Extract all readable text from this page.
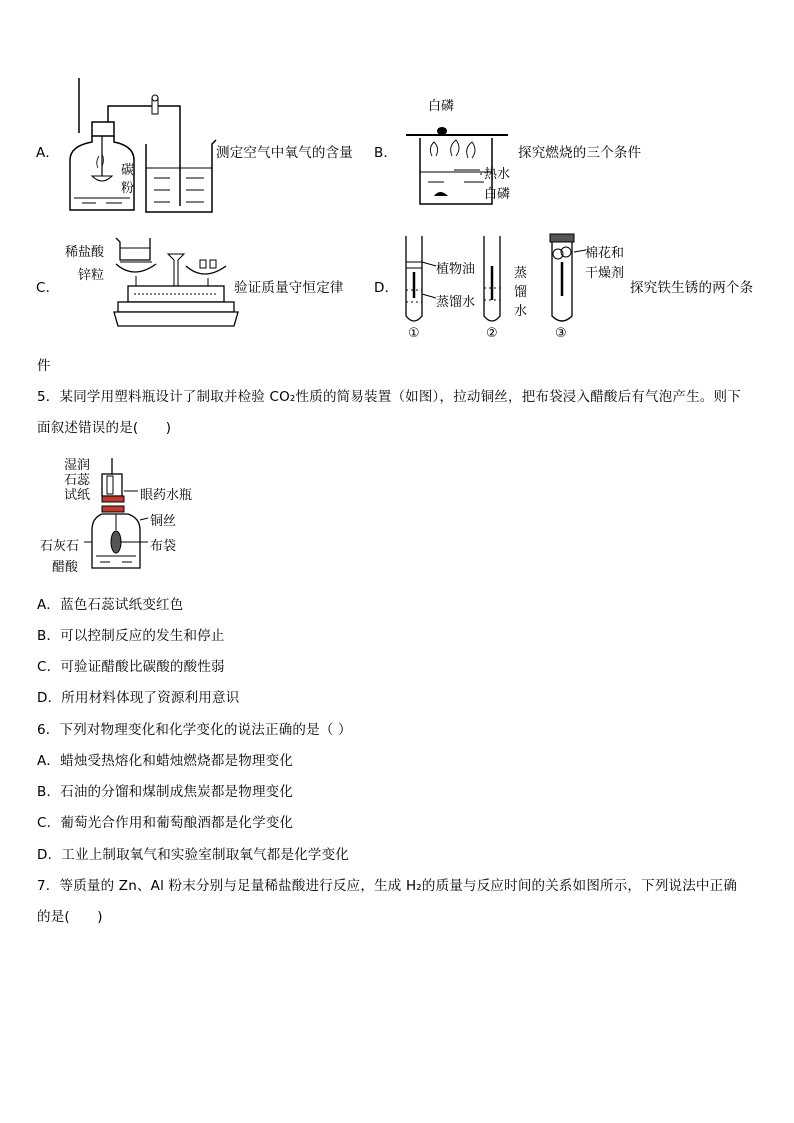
A．
碳
粉
测定空气中氧气的含量 B．
白磷
热水
白磷
探究燃烧的三个条件
C．
稀盐酸
锌粒
验证质量守恒定律 D．
植物油
蒸馏水
蒸
馏
水
棉花和
干燥剂
①	②	③
探究铁生锈的两个条
件
5．某同学用塑料瓶设计了制取并检验 CO₂性质的简易装置（如图），拉动铜丝，把布袋浸入醋酸后有气泡产生。则下
面叙述错误的是(　　)
湿润
石蕊
试纸	眼药水瓶
铜丝
石灰石	布袋
醋酸
A．蓝色石蕊试纸变红色
B．可以控制反应的发生和停止
C．可验证醋酸比碳酸的酸性弱
D．所用材料体现了资源利用意识
6．下列对物理变化和化学变化的说法正确的是（ ）
A．蜡烛受热熔化和蜡烛燃烧都是物理变化
B．石油的分馏和煤制成焦炭都是物理变化
C．葡萄光合作用和葡萄酿酒都是化学变化
D．工业上制取氧气和实验室制取氧气都是化学变化
7．等质量的 Zn、Al 粉末分别与足量稀盐酸进行反应，生成 H₂的质量与反应时间的关系如图所示，下列说法中正确
的是(　　)
